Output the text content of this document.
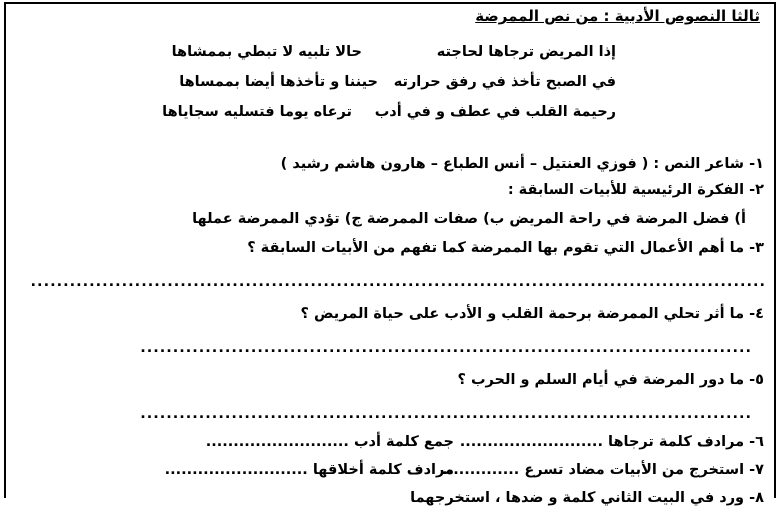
ثالثا النصوص الأدبية : من نص الممرضة
إذا المريض ترجاها لحاجته
حالا تلبيه لا تبطي بممشاها
في الصبح تأخذ في رفق حرارته
حيننا و تأخذها أيضا بممساها
رحيمة القلب في عطف و في أدب
ترعاه يوما فتسليه سجاياها
١- شاعر النص : ( فوزي العنتيل – أنس الطباع – هارون هاشم رشيد )
٢- الفكرة الرئيسية للأبيات السابقة :
أ) فضل المرضة في راحة المريض ب) صفات الممرضة ج) تؤدي الممرضة عملها
٣- ما أهم الأعمال التي تقوم بها الممرضة كما تفهم من الأبيات السابقة ؟
.................................................................................................................
٤- ما أثر تحلي الممرضة برحمة القلب و الأدب على حياة المريض ؟
..............................................................................................
٥- ما دور المرضة في أيام السلم و الحرب ؟
..............................................................................................
٦- مرادف كلمة ترجاها ..........................
جمع كلمة أدب ..........................
٧- استخرج من الأبيات مضاد تسرع ..............
مرادف كلمة أخلاقها ..........................
٨- ورد في البيت الثاني كلمة و ضدها ، استخرجهما
